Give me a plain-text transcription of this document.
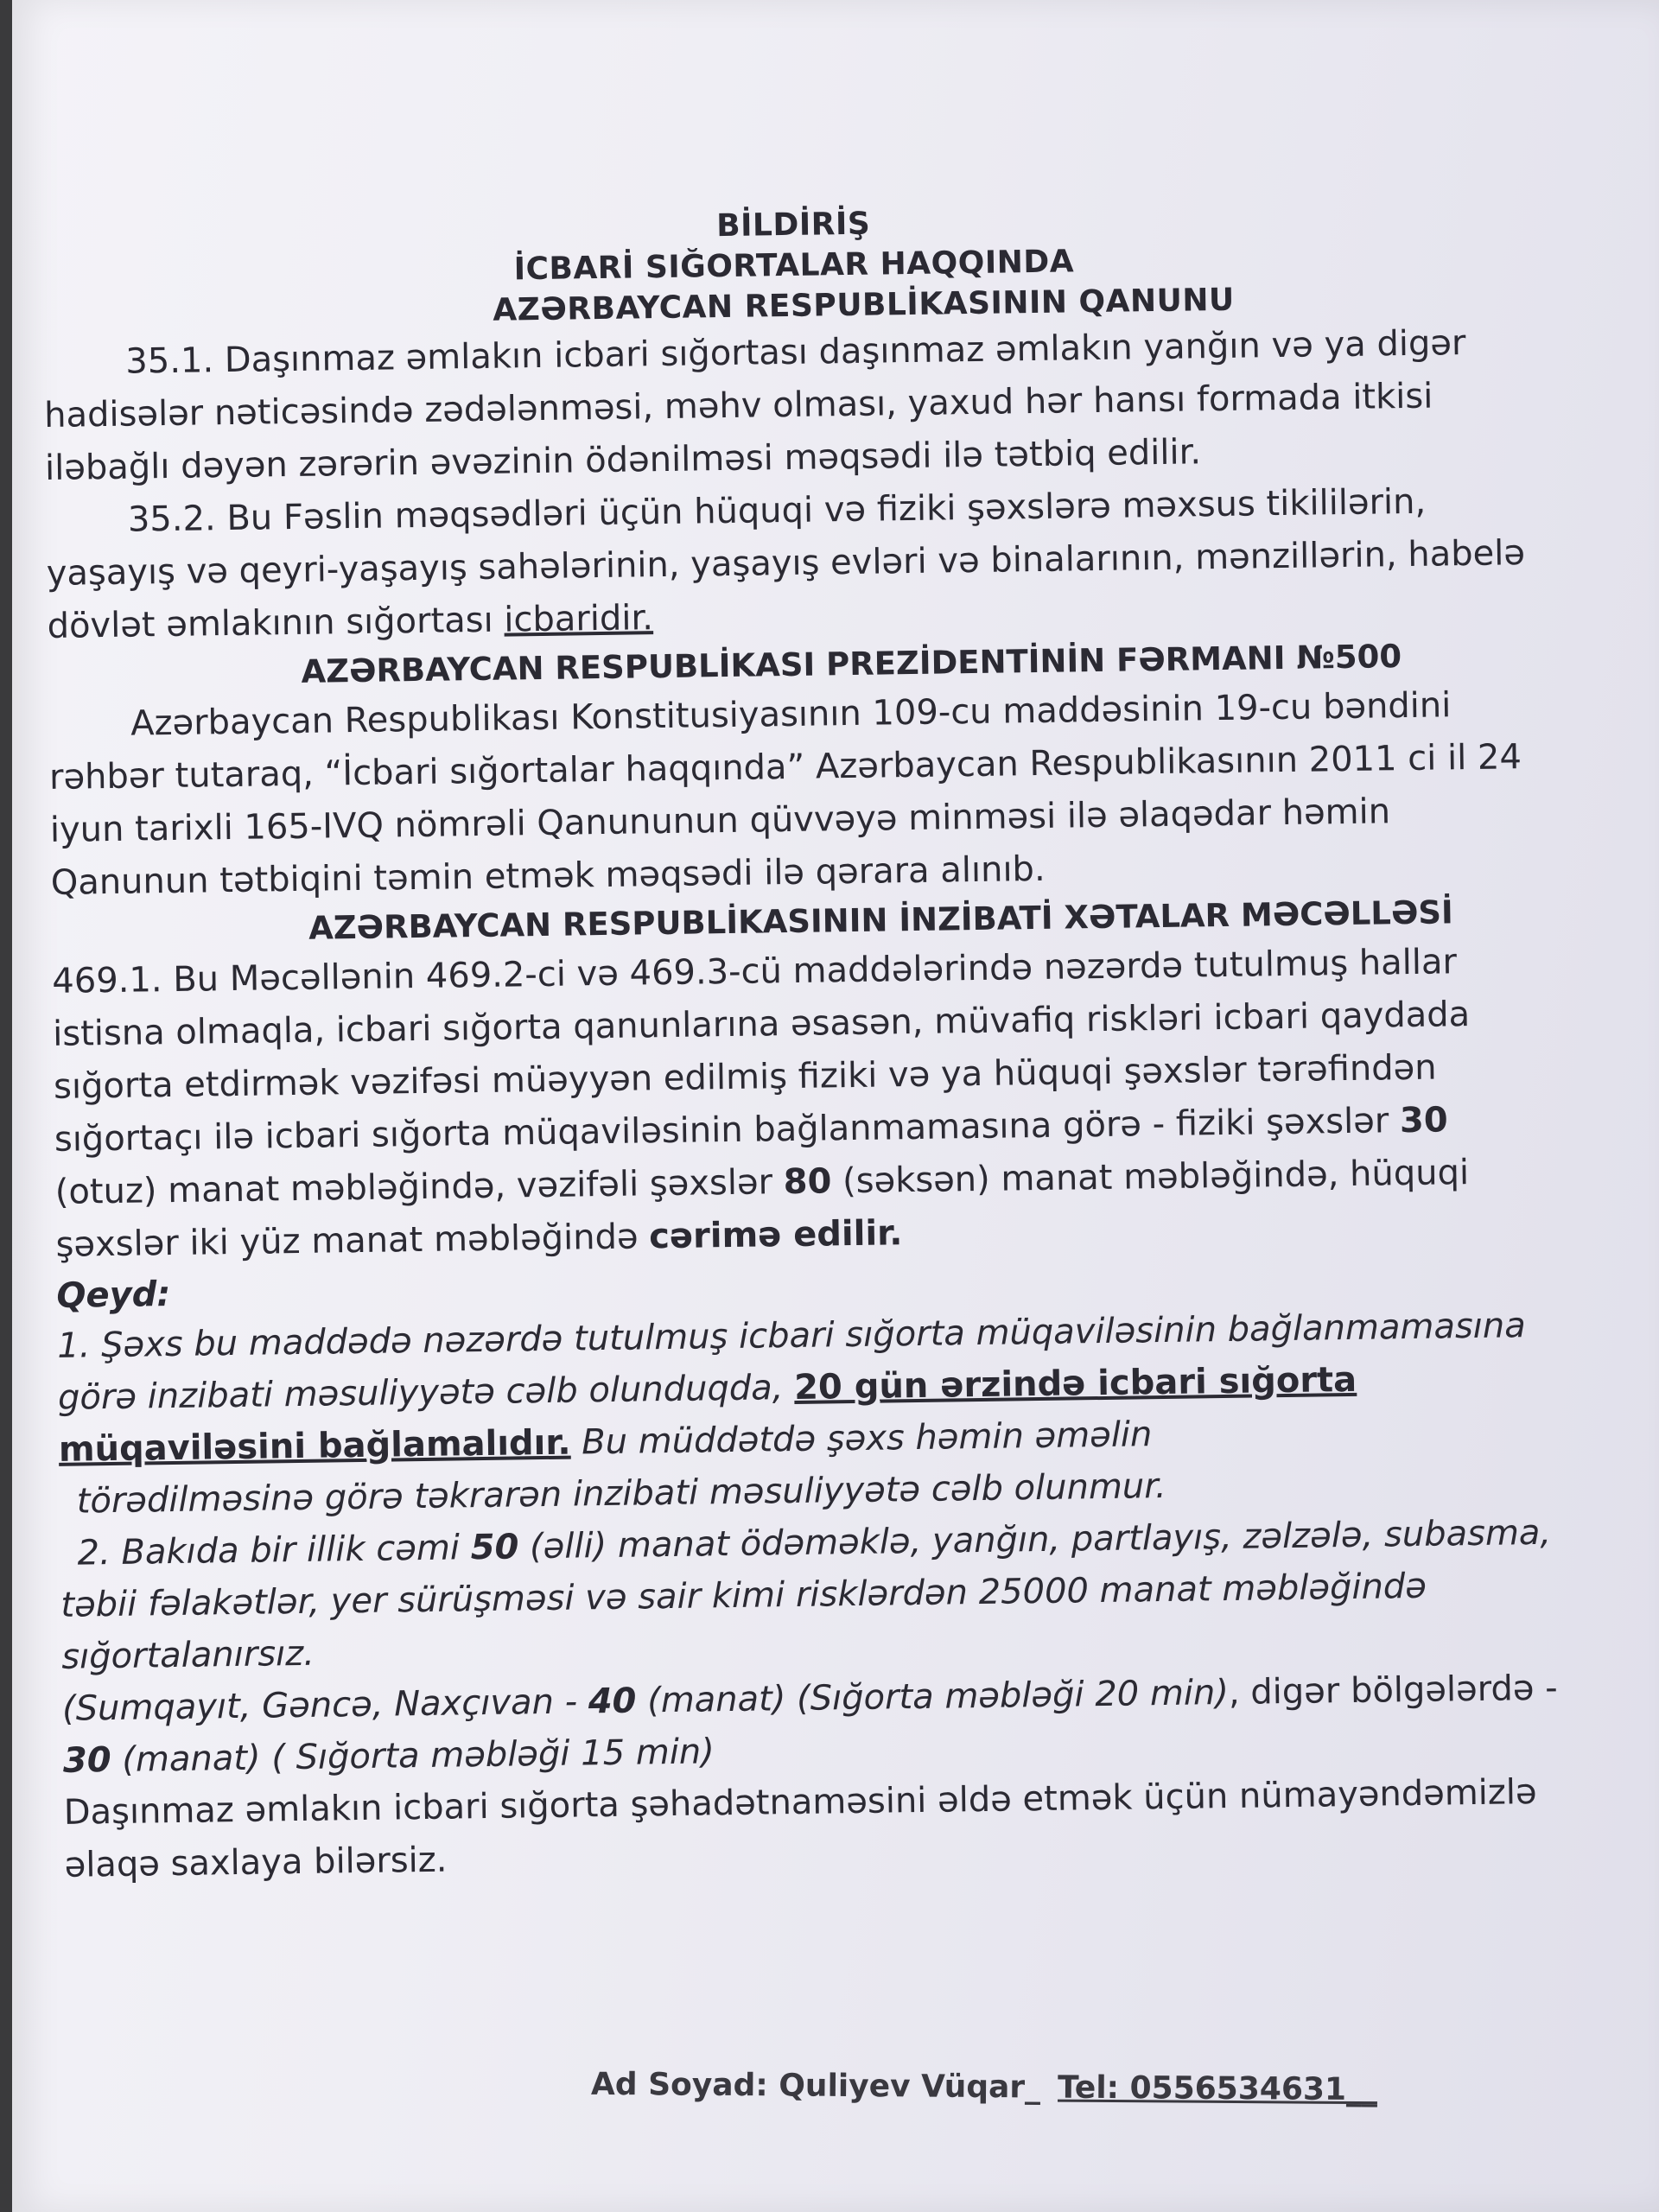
BİLDİRİŞ

İCBARİ SIĞORTALAR HAQQINDA

AZƏRBAYCAN RESPUBLİKASININ QANUNU

35.1. Daşınmaz əmlakın icbari sığortası daşınmaz əmlakın yanğın və ya digər hadisələr nəticəsində zədələnməsi, məhv olması, yaxud hər hansı formada itkisi iləbağlı dəyən zərərin əvəzinin ödənilməsi məqsədi ilə tətbiq edilir.

35.2. Bu Fəslin məqsədləri üçün hüquqi və fiziki şəxslərə məxsus tikililərin, yaşayış və qeyri-yaşayış sahələrinin, yaşayış evləri və binalarının, mənzillərin, habelə dövlət əmlakının sığortası icbaridir.

AZƏRBAYCAN RESPUBLİKASI PREZİDENTİNİN FƏRMANI №500

Azərbaycan Respublikası Konstitusiyasının 109-cu maddəsinin 19-cu bəndini rəhbər tutaraq, “İcbari sığortalar haqqında” Azərbaycan Respublikasının 2011 ci il 24 iyun tarixli 165-IVQ nömrəli Qanununun qüvvəyə minməsi ilə əlaqədar həmin Qanunun tətbiqini təmin etmək məqsədi ilə qərara alınıb.

AZƏRBAYCAN RESPUBLİKASININ İNZİBATİ XƏTALAR MƏCƏLLƏSİ

469.1. Bu Məcəllənin 469.2-ci və 469.3-cü maddələrində nəzərdə tutulmuş hallar istisna olmaqla, icbari sığorta qanunlarına əsasən, müvafiq riskləri icbari qaydada sığorta etdirmək vəzifəsi müəyyən edilmiş fiziki və ya hüquqi şəxslər tərəfindən sığortaçı ilə icbari sığorta müqaviləsinin bağlanmamasına görə - fiziki şəxslər 30 (otuz) manat məbləğində, vəzifəli şəxslər 80 (səksən) manat məbləğində, hüquqi şəxslər iki yüz manat məbləğində cərimə edilir.

Qeyd:

1. Şəxs bu maddədə nəzərdə tutulmuş icbari sığorta müqaviləsinin bağlanmamasına görə inzibati məsuliyyətə cəlb olunduqda, 20 gün ərzində icbari sığorta müqaviləsini bağlamalıdır. Bu müddətdə şəxs həmin əməlin

törədilməsinə görə təkrarən inzibati məsuliyyətə cəlb olunmur.

2. Bakıda bir illik cəmi 50 (əlli) manat ödəməklə, yanğın, partlayış, zəlzələ, subasma, təbii fəlakətlər, yer sürüşməsi və sair kimi risklərdən 25000 manat məbləğində sığortalanırsız.

(Sumqayıt, Gəncə, Naxçıvan - 40 (manat) (Sığorta məbləği 20 min), digər bölgələrdə - 30 (manat) ( Sığorta məbləği 15 min)

Daşınmaz əmlakın icbari sığorta şəhadətnaməsini əldə etmək üçün nümayəndəmizlə əlaqə saxlaya bilərsiz.

Ad Soyad: Quliyev Vüqar_ Tel: 0556534631__
